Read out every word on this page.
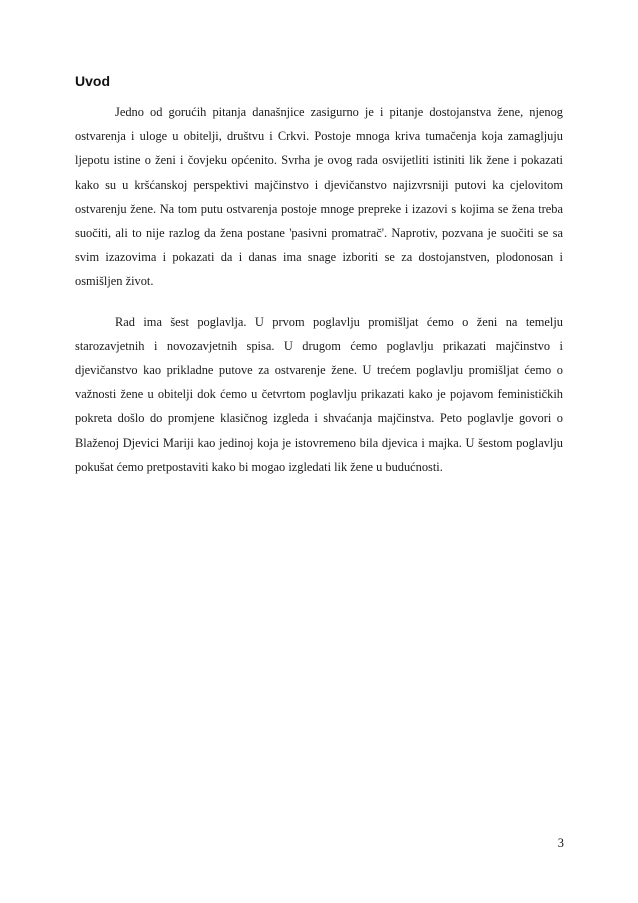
Uvod

Jedno od gorućih pitanja današnjice zasigurno je i pitanje dostojanstva žene, njenog ostvarenja i uloge u obitelji, društvu i Crkvi. Postoje mnoga kriva tumačenja koja zamagljuju ljepotu istine o ženi i čovjeku općenito. Svrha je ovog rada osvijetliti istiniti lik žene i pokazati kako su u kršćanskoj perspektivi majčinstvo i djevičanstvo najizvrsniji putovi ka cjelovitom ostvarenju žene. Na tom putu ostvarenja postoje mnoge prepreke i izazovi s kojima se žena treba suočiti, ali to nije razlog da žena postane 'pasivni promatrač'. Naprotiv, pozvana je suočiti se sa svim izazovima i pokazati da i danas ima snage izboriti se za dostojanstven, plodonosan i osmišljen život.

Rad ima šest poglavlja. U prvom poglavlju promišljat ćemo o ženi na temelju starozavjetnih i novozavjetnih spisa. U drugom ćemo poglavlju prikazati majčinstvo i djevičanstvo kao prikladne putove za ostvarenje žene. U trećem poglavlju promišljat ćemo o važnosti žene u obitelji dok ćemo u četvrtom poglavlju prikazati kako je pojavom feminističkih pokreta došlo do promjene klasičnog izgleda i shvaćanja majčinstva. Peto poglavlje govori o Blaženoj Djevici Mariji kao jedinoj koja je istovremeno bila djevica i majka. U šestom poglavlju pokušat ćemo pretpostaviti kako bi mogao izgledati lik žene u budućnosti.

3
